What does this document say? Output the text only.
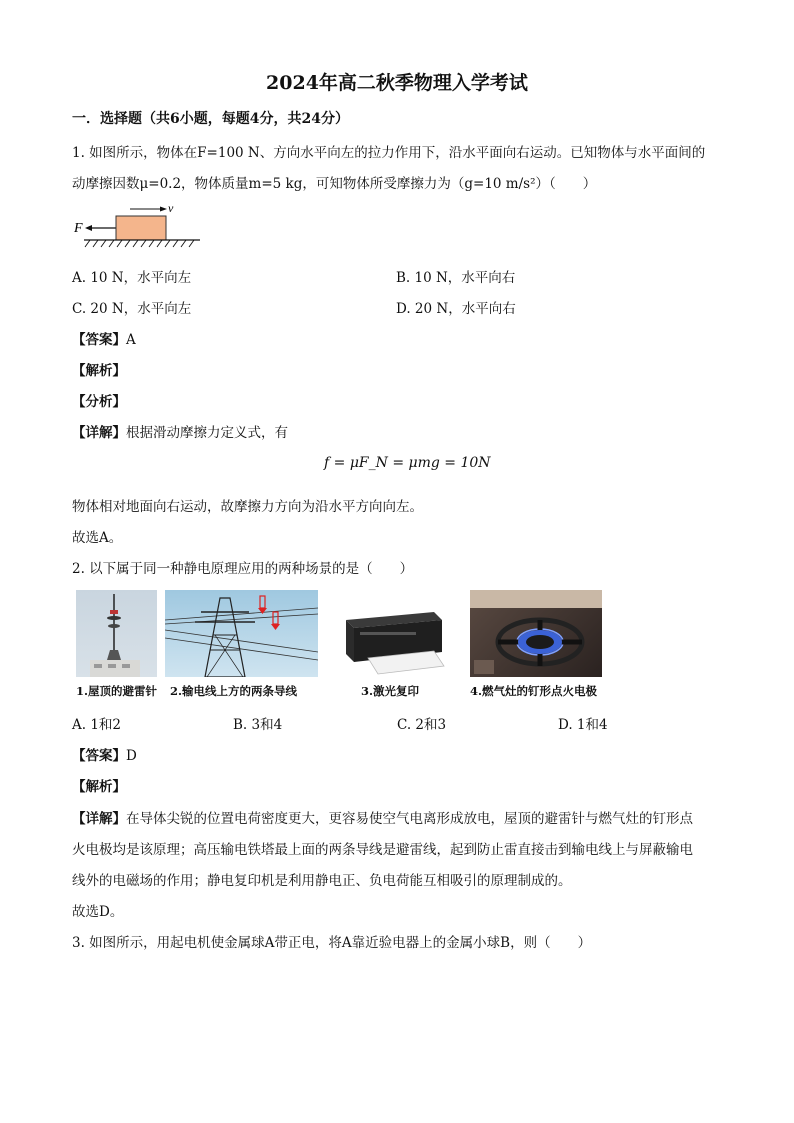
2024年高二秋季物理入学考试
一．选择题（共6小题，每题4分，共24分）
1. 如图所示，物体在F=100 N、方向水平向左的拉力作用下，沿水平面向右运动。已知物体与水平面间的
动摩擦因数μ=0.2，物体质量m=5 kg，可知物体所受摩擦力为（g=10 m/s²）（　　）
F
v
A. 10 N，水平向左	B. 10 N，水平向右
C. 20 N，水平向左	D. 20 N，水平向右
【答案】A
【解析】
【分析】
【详解】根据滑动摩擦力定义式，有
f = μF_N = μmg = 10N
物体相对地面向右运动，故摩擦力方向为沿水平方向向左。
故选A。
2. 以下属于同一种静电原理应用的两种场景的是（　　）
1.屋顶的避雷针 2.输电线上方的两条导线	3.激光复印	4.燃气灶的钉形点火电极
A. 1和2	B. 3和4	C. 2和3	D. 1和4
【答案】D
【解析】
【详解】在导体尖锐的位置电荷密度更大，更容易使空气电离形成放电，屋顶的避雷针与燃气灶的钉形点
火电极均是该原理；高压输电铁塔最上面的两条导线是避雷线，起到防止雷直接击到输电线上与屏蔽输电
线外的电磁场的作用；静电复印机是利用静电正、负电荷能互相吸引的原理制成的。
故选D。
3. 如图所示，用起电机使金属球A带正电，将A靠近验电器上的金属小球B，则（　　）
